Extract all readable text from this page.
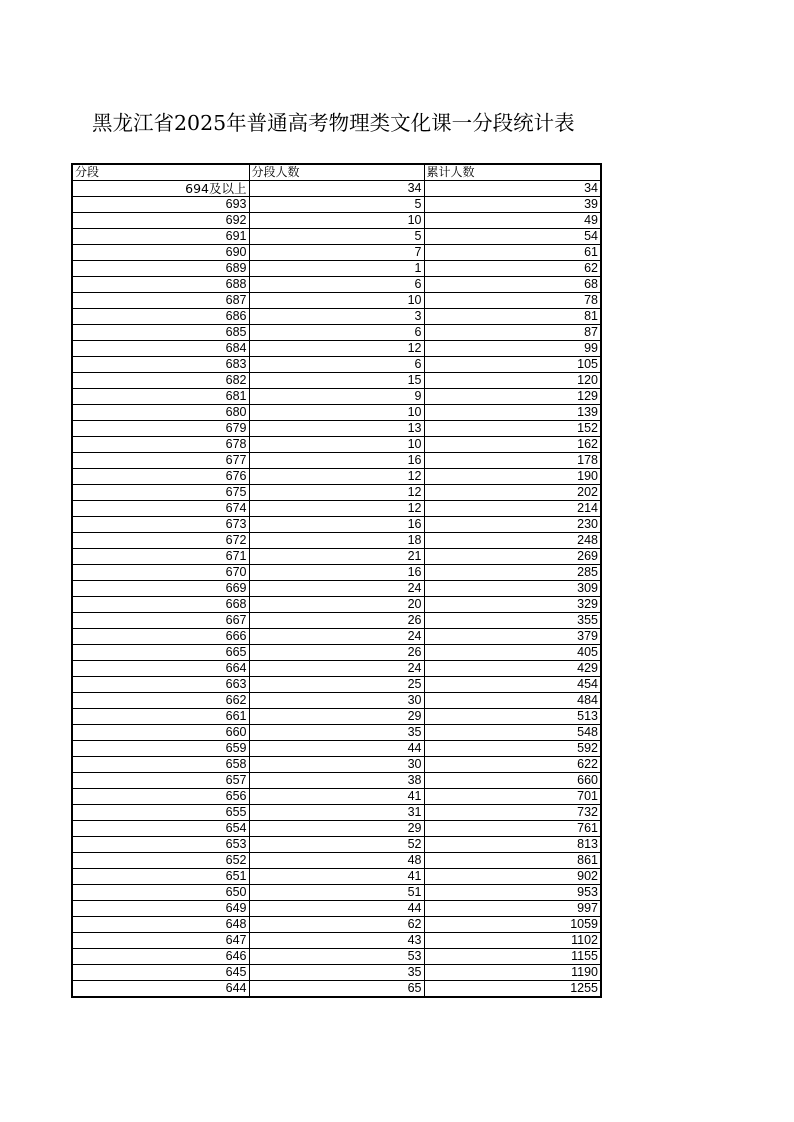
黑龙江省2025年普通高考物理类文化课一分段统计表
分段	分段人数	累计人数
694及以上	34	34
693	5	39
692	10	49
691	5	54
690	7	61
689	1	62
688	6	68
687	10	78
686	3	81
685	6	87
684	12	99
683	6	105
682	15	120
681	9	129
680	10	139
679	13	152
678	10	162
677	16	178
676	12	190
675	12	202
674	12	214
673	16	230
672	18	248
671	21	269
670	16	285
669	24	309
668	20	329
667	26	355
666	24	379
665	26	405
664	24	429
663	25	454
662	30	484
661	29	513
660	35	548
659	44	592
658	30	622
657	38	660
656	41	701
655	31	732
654	29	761
653	52	813
652	48	861
651	41	902
650	51	953
649	44	997
648	62	1059
647	43	1102
646	53	1155
645	35	1190
644	65	1255
